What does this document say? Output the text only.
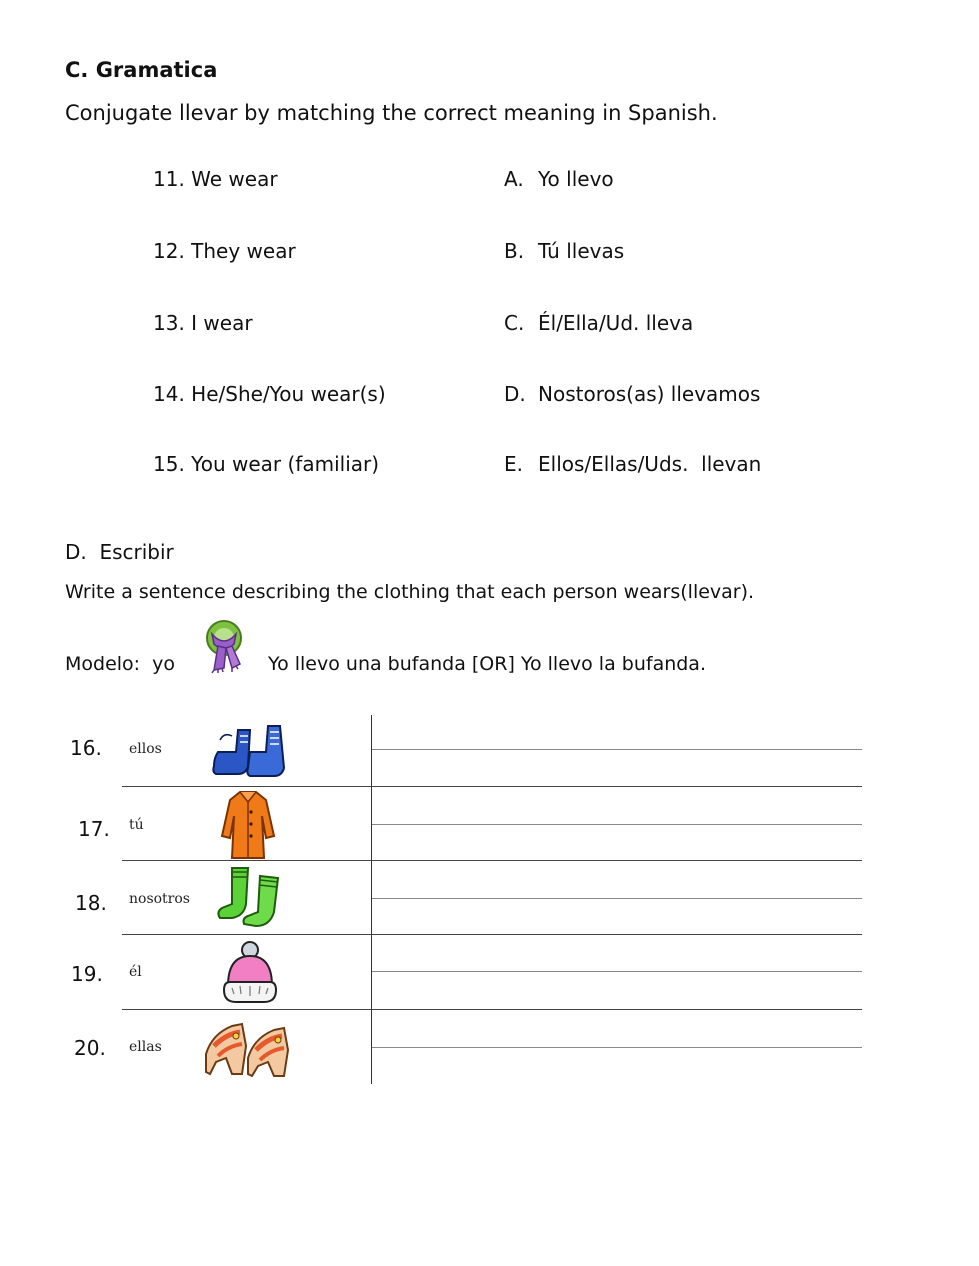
C. Gramatica
Conjugate llevar by matching the correct meaning in Spanish.
11. We wear
12. They wear
13. I wear
14. He/She/You wear(s)
15. You wear (familiar)
A. Yo llevo
B. Tú llevas
C. Él/Ella/Ud. lleva
D. Nostoros(as) llevamos
E. Ellos/Ellas/Uds.  llevan
D.  Escribir
Write a sentence describing the clothing that each person wears(llevar).
Modelo:  yo	Yo llevo una bufanda [OR] Yo llevo la bufanda.
16. ellos
17. tú
18. nosotros
19. él
20. ellas
